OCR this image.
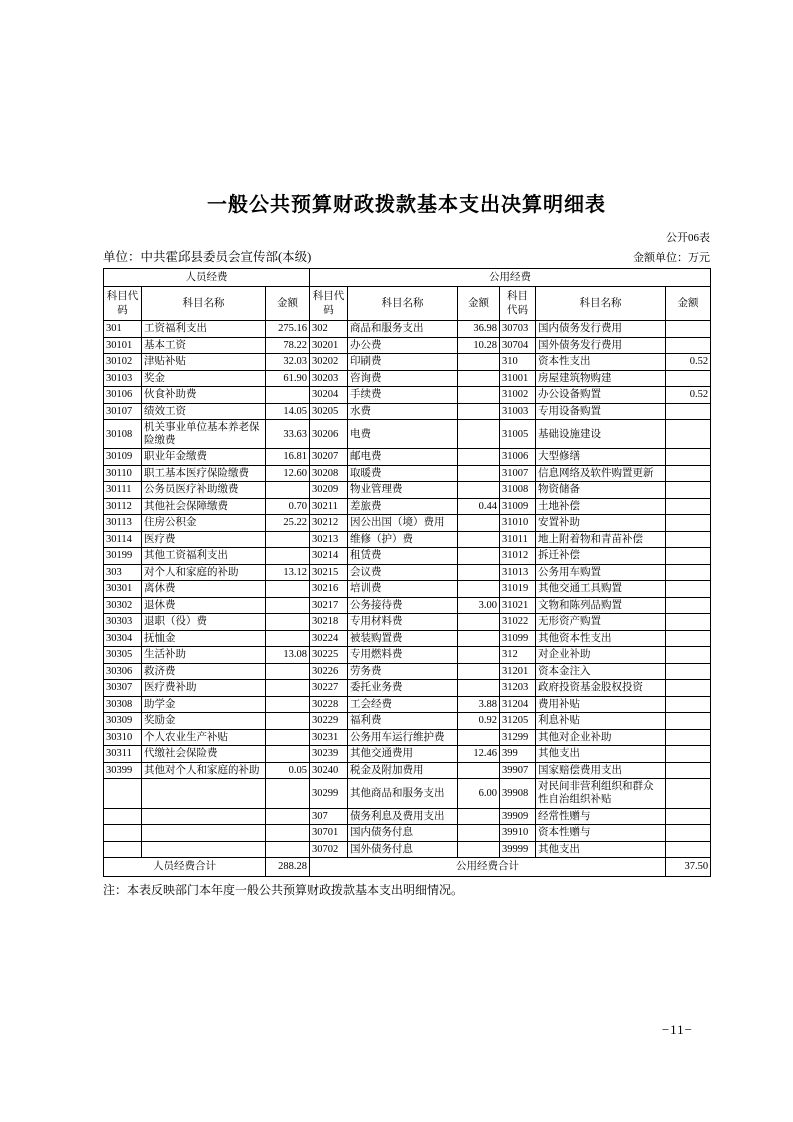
一般公共预算财政拨款基本支出决算明细表
公开06表
单位：中共霍邱县委员会宣传部(本级)	金额单位：万元
人员经费			公用经费					
科目代码	科目名称	金额	科目代码	科目名称	金额	科目代码	科目名称	金额
301	工资福利支出	275.16	302	商品和服务支出	36.98	30703	国内债务发行费用	
30101	基本工资	78.22	30201	办公费	10.28	30704	国外债务发行费用	
30102	津贴补贴	32.03	30202	印刷费		310	资本性支出	0.52
30103	奖金	61.90	30203	咨询费		31001	房屋建筑物购建	
30106	伙食补助费		30204	手续费		31002	办公设备购置	0.52
30107	绩效工资	14.05	30205	水费		31003	专用设备购置	
30108	机关事业单位基本养老保险缴费	33.63	30206	电费		31005	基础设施建设	
30109	职业年金缴费	16.81	30207	邮电费		31006	大型修缮	
30110	职工基本医疗保险缴费	12.60	30208	取暖费		31007	信息网络及软件购置更新	
30111	公务员医疗补助缴费		30209	物业管理费		31008	物资储备	
30112	其他社会保障缴费	0.70	30211	差旅费	0.44	31009	土地补偿	
30113	住房公积金	25.22	30212	因公出国（境）费用		31010	安置补助	
30114	医疗费		30213	维修（护）费		31011	地上附着物和青苗补偿	
30199	其他工资福利支出		30214	租赁费		31012	拆迁补偿	
303	对个人和家庭的补助	13.12	30215	会议费		31013	公务用车购置	
30301	离休费		30216	培训费		31019	其他交通工具购置	
30302	退休费		30217	公务接待费	3.00	31021	文物和陈列品购置	
30303	退职（役）费		30218	专用材料费		31022	无形资产购置	
30304	抚恤金		30224	被装购置费		31099	其他资本性支出	
30305	生活补助	13.08	30225	专用燃料费		312	对企业补助	
30306	救济费		30226	劳务费		31201	资本金注入	
30307	医疗费补助		30227	委托业务费		31203	政府投资基金股权投资	
30308	助学金		30228	工会经费	3.88	31204	费用补贴	
30309	奖励金		30229	福利费	0.92	31205	利息补贴	
30310	个人农业生产补贴		30231	公务用车运行维护费		31299	其他对企业补助	
30311	代缴社会保险费		30239	其他交通费用	12.46	399	其他支出	
30399	其他对个人和家庭的补助	0.05	30240	税金及附加费用		39907	国家赔偿费用支出	
			30299	其他商品和服务支出	6.00	39908	对民间非营利组织和群众性自治组织补贴	
			307	债务利息及费用支出		39909	经常性赠与	
			30701	国内债务付息		39910	资本性赠与	
			30702	国外债务付息		39999	其他支出	
人员经费合计		288.28	公用经费合计					37.50
注：本表反映部门本年度一般公共预算财政拨款基本支出明细情况。
−11−
